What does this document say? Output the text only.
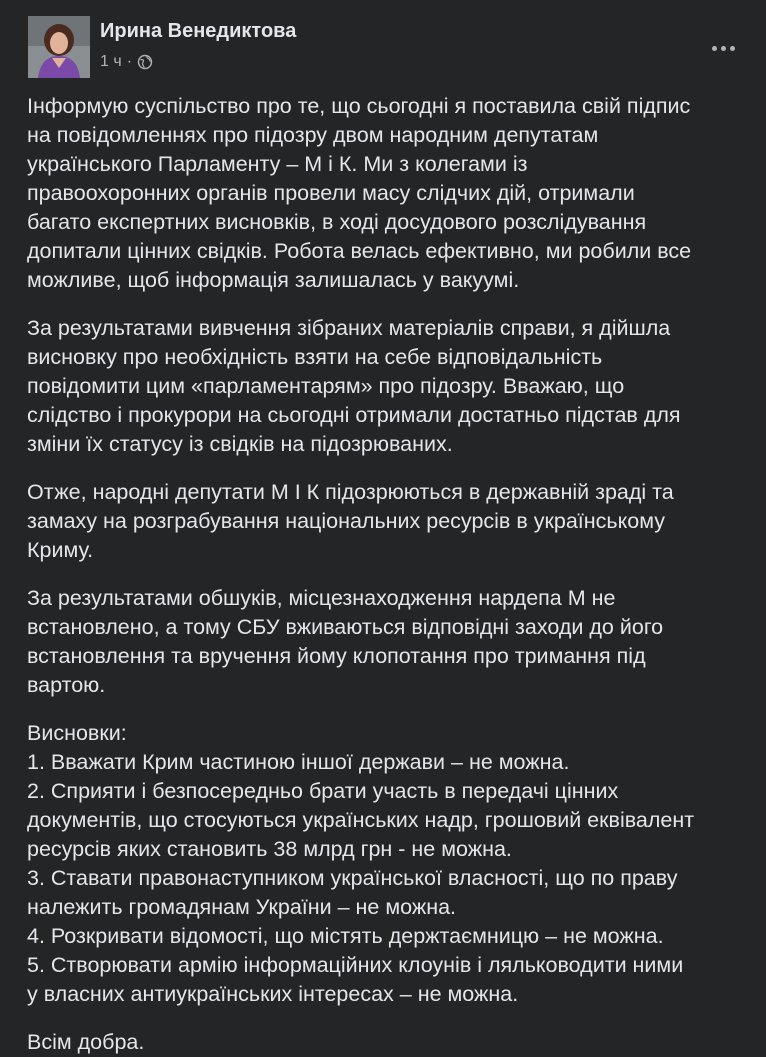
Ирина Венедиктова
1 ч ·

Інформую суспільство про те, що сьогодні я поставила свій підпис
на повідомленнях про підозру двом народним депутатам
українського Парламенту – М і К. Ми з колегами із
правоохоронних органів провели масу слідчих дій, отримали
багато експертних висновків, в ході досудового розслідування
допитали цінних свідків. Робота велась ефективно, ми робили все
можливе, щоб інформація залишалась у вакуумі.

За результатами вивчення зібраних матеріалів справи, я дійшла
висновку про необхідність взяти на себе відповідальність
повідомити цим «парламентарям» про підозру. Вважаю, що
слідство і прокурори на сьогодні отримали достатньо підстав для
зміни їх статусу із свідків на підозрюваних.

Отже, народні депутати М І К підозрюються в державній зраді та
замаху на розграбування національних ресурсів в українському
Криму.

За результатами обшуків, місцезнаходження нардепа М не
встановлено, а тому СБУ вживаються відповідні заходи до його
встановлення та вручення йому клопотання про тримання під
вартою.

Висновки:
1. Вважати Крим частиною іншої держави – не можна.
2. Сприяти і безпосередньо брати участь в передачі цінних
документів, що стосуються українських надр, грошовий еквівалент
ресурсів яких становить 38 млрд грн - не можна.
3. Ставати правонаступником української власності, що по праву
належить громадянам України – не можна.
4. Розкривати відомості, що містять держтаємницю – не можна.
5. Створювати армію інформаційних клоунів і ляльководити ними
у власних антиукраїнських інтересах – не можна.

Всім добра.
